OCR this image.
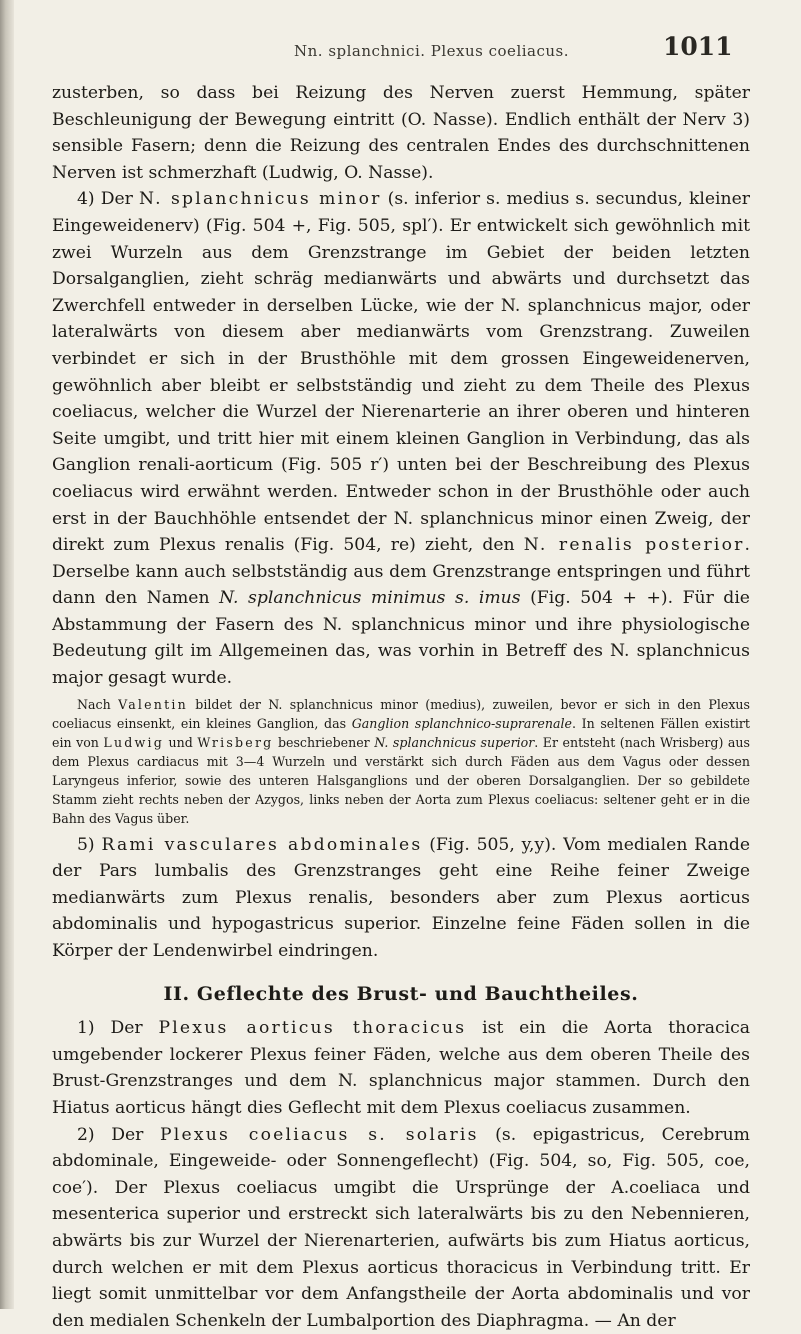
Nn. splanchnici. Plexus coeliacus.	1011

zusterben, so dass bei Reizung des Nerven zuerst Hemmung, später Beschleunigung der Bewegung eintritt (O. Nasse). Endlich enthält der Nerv 3) sensible Fasern; denn die Reizung des centralen Endes des durchschnittenen Nerven ist schmerzhaft (Ludwig, O. Nasse).

4) Der N. splanchnicus minor (s. inferior s. medius s. secundus, kleiner Eingeweidenerv) (Fig. 504 +, Fig. 505, spl′). Er entwickelt sich gewöhnlich mit zwei Wurzeln aus dem Grenzstrange im Gebiet der beiden letzten Dorsalganglien, zieht schräg medianwärts und abwärts und durchsetzt das Zwerchfell entweder in derselben Lücke, wie der N. splanchnicus major, oder lateralwärts von diesem aber medianwärts vom Grenzstrang. Zuweilen verbindet er sich in der Brusthöhle mit dem grossen Eingeweidenerven, gewöhnlich aber bleibt er selbstständig und zieht zu dem Theile des Plexus coeliacus, welcher die Wurzel der Nierenarterie an ihrer oberen und hinteren Seite umgibt, und tritt hier mit einem kleinen Ganglion in Verbindung, das als Ganglion renali-aorticum (Fig. 505 r′) unten bei der Beschreibung des Plexus coeliacus wird erwähnt werden. Entweder schon in der Brusthöhle oder auch erst in der Bauchhöhle entsendet der N. splanchnicus minor einen Zweig, der direkt zum Plexus renalis (Fig. 504, re) zieht, den N. renalis posterior. Derselbe kann auch selbstständig aus dem Grenzstrange entspringen und führt dann den Namen N. splanchnicus minimus s. imus (Fig. 504 + +). Für die Abstammung der Fasern des N. splanchnicus minor und ihre physiologische Bedeutung gilt im Allgemeinen das, was vorhin in Betreff des N. splanchnicus major gesagt wurde.

Nach Valentin bildet der N. splanchnicus minor (medius), zuweilen, bevor er sich in den Plexus coeliacus einsenkt, ein kleines Ganglion, das Ganglion splanchnico-suprarenale. In seltenen Fällen existirt ein von Ludwig und Wrisberg beschriebener N. splanchnicus superior. Er entsteht (nach Wrisberg) aus dem Plexus cardiacus mit 3—4 Wurzeln und verstärkt sich durch Fäden aus dem Vagus oder dessen Laryngeus inferior, sowie des unteren Halsganglions und der oberen Dorsalganglien. Der so gebildete Stamm zieht rechts neben der Azygos, links neben der Aorta zum Plexus coeliacus: seltener geht er in die Bahn des Vagus über.

5) Rami vasculares abdominales (Fig. 505, y,y). Vom medialen Rande der Pars lumbalis des Grenzstranges geht eine Reihe feiner Zweige medianwärts zum Plexus renalis, besonders aber zum Plexus aorticus abdominalis und hypogastricus superior. Einzelne feine Fäden sollen in die Körper der Lendenwirbel eindringen.

II. Geflechte des Brust- und Bauchtheiles.

1) Der Plexus aorticus thoracicus ist ein die Aorta thoracica umgebender lockerer Plexus feiner Fäden, welche aus dem oberen Theile des Brust-Grenzstranges und dem N. splanchnicus major stammen. Durch den Hiatus aorticus hängt dies Geflecht mit dem Plexus coeliacus zusammen.

2) Der Plexus coeliacus s. solaris (s. epigastricus, Cerebrum abdominale, Eingeweide- oder Sonnengeflecht) (Fig. 504, so, Fig. 505, coe, coe′). Der Plexus coeliacus umgibt die Ursprünge der A.coeliaca und mesenterica superior und erstreckt sich lateralwärts bis zu den Nebennieren, abwärts bis zur Wurzel der Nierenarterien, aufwärts bis zum Hiatus aorticus, durch welchen er mit dem Plexus aorticus thoracicus in Verbindung tritt. Er liegt somit unmittelbar vor dem Anfangstheile der Aorta abdominalis und vor den medialen Schenkeln der Lumbalportion des Diaphragma. — An der
